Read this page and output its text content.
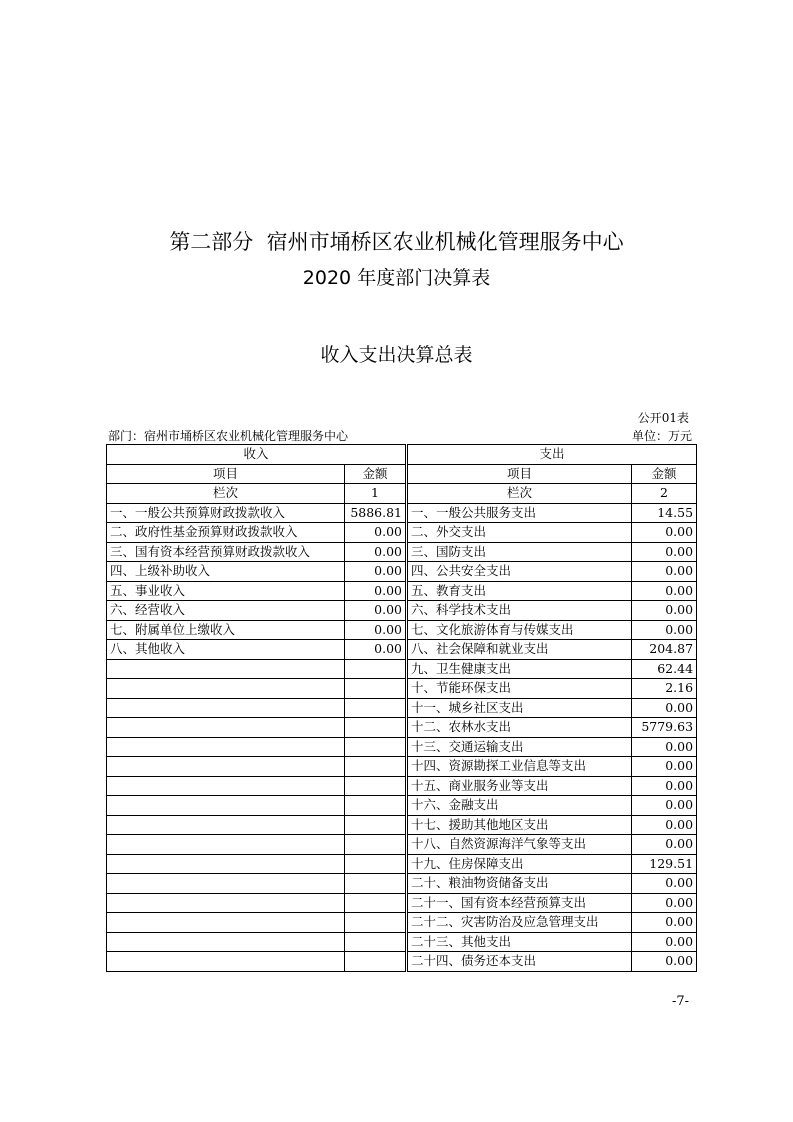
第二部分 宿州市埇桥区农业机械化管理服务中心
2020 年度部门决算表
收入支出决算总表
公开01表
部门：宿州市埇桥区农业机械化管理服务中心	单位：万元
收入		支出	
项目	金额	项目	金额
栏次	1	栏次	2
一、一般公共预算财政拨款收入	5886.81	一、一般公共服务支出	14.55
二、政府性基金预算财政拨款收入	0.00	二、外交支出	0.00
三、国有资本经营预算财政拨款收入	0.00	三、国防支出	0.00
四、上级补助收入	0.00	四、公共安全支出	0.00
五、事业收入	0.00	五、教育支出	0.00
六、经营收入	0.00	六、科学技术支出	0.00
七、附属单位上缴收入	0.00	七、文化旅游体育与传媒支出	0.00
八、其他收入	0.00	八、社会保障和就业支出	204.87
		九、卫生健康支出	62.44
		十、节能环保支出	2.16
		十一、城乡社区支出	0.00
		十二、农林水支出	5779.63
		十三、交通运输支出	0.00
		十四、资源勘探工业信息等支出	0.00
		十五、商业服务业等支出	0.00
		十六、金融支出	0.00
		十七、援助其他地区支出	0.00
		十八、自然资源海洋气象等支出	0.00
		十九、住房保障支出	129.51
		二十、粮油物资储备支出	0.00
		二十一、国有资本经营预算支出	0.00
		二十二、灾害防治及应急管理支出	0.00
		二十三、其他支出	0.00
		二十四、债务还本支出	0.00
-7-
